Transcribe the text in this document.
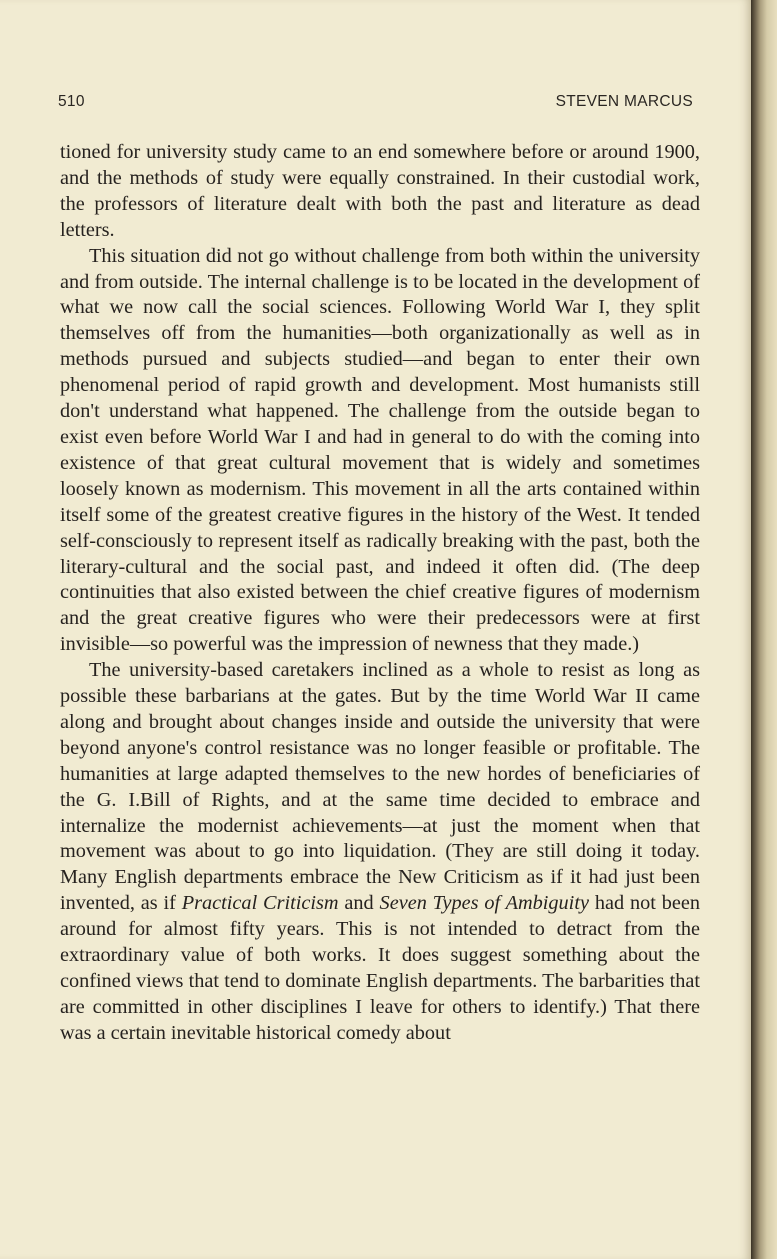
510	STEVEN MARCUS

tioned for university study came to an end somewhere before or around 1900, and the methods of study were equally constrained. In their custodial work, the professors of literature dealt with both the past and literature as dead letters.

This situation did not go without challenge from both within the university and from outside. The internal challenge is to be located in the development of what we now call the social sciences. Following World War I, they split themselves off from the humanities—both organizationally as well as in methods pursued and subjects studied—and began to enter their own phenomenal period of rapid growth and development. Most humanists still don't understand what happened. The challenge from the outside began to exist even before World War I and had in general to do with the coming into existence of that great cultural movement that is widely and sometimes loosely known as modernism. This movement in all the arts contained within itself some of the greatest creative figures in the history of the West. It tended self-consciously to represent itself as radically breaking with the past, both the literary-cultural and the social past, and indeed it often did. (The deep continuities that also existed between the chief creative figures of modernism and the great creative figures who were their predecessors were at first invisible—so powerful was the impression of newness that they made.)

The university-based caretakers inclined as a whole to resist as long as possible these barbarians at the gates. But by the time World War II came along and brought about changes inside and outside the university that were beyond anyone's control resistance was no longer feasible or profitable. The humanities at large adapted themselves to the new hordes of beneficiaries of the G. I.Bill of Rights, and at the same time decided to embrace and internalize the modernist achievements—at just the moment when that movement was about to go into liquidation. (They are still doing it today. Many English departments embrace the New Criticism as if it had just been invented, as if Practical Criticism and Seven Types of Ambiguity had not been around for almost fifty years. This is not intended to detract from the extraordinary value of both works. It does suggest something about the confined views that tend to dominate English departments. The barbarities that are committed in other disciplines I leave for others to identify.) That there was a certain inevitable historical comedy about
